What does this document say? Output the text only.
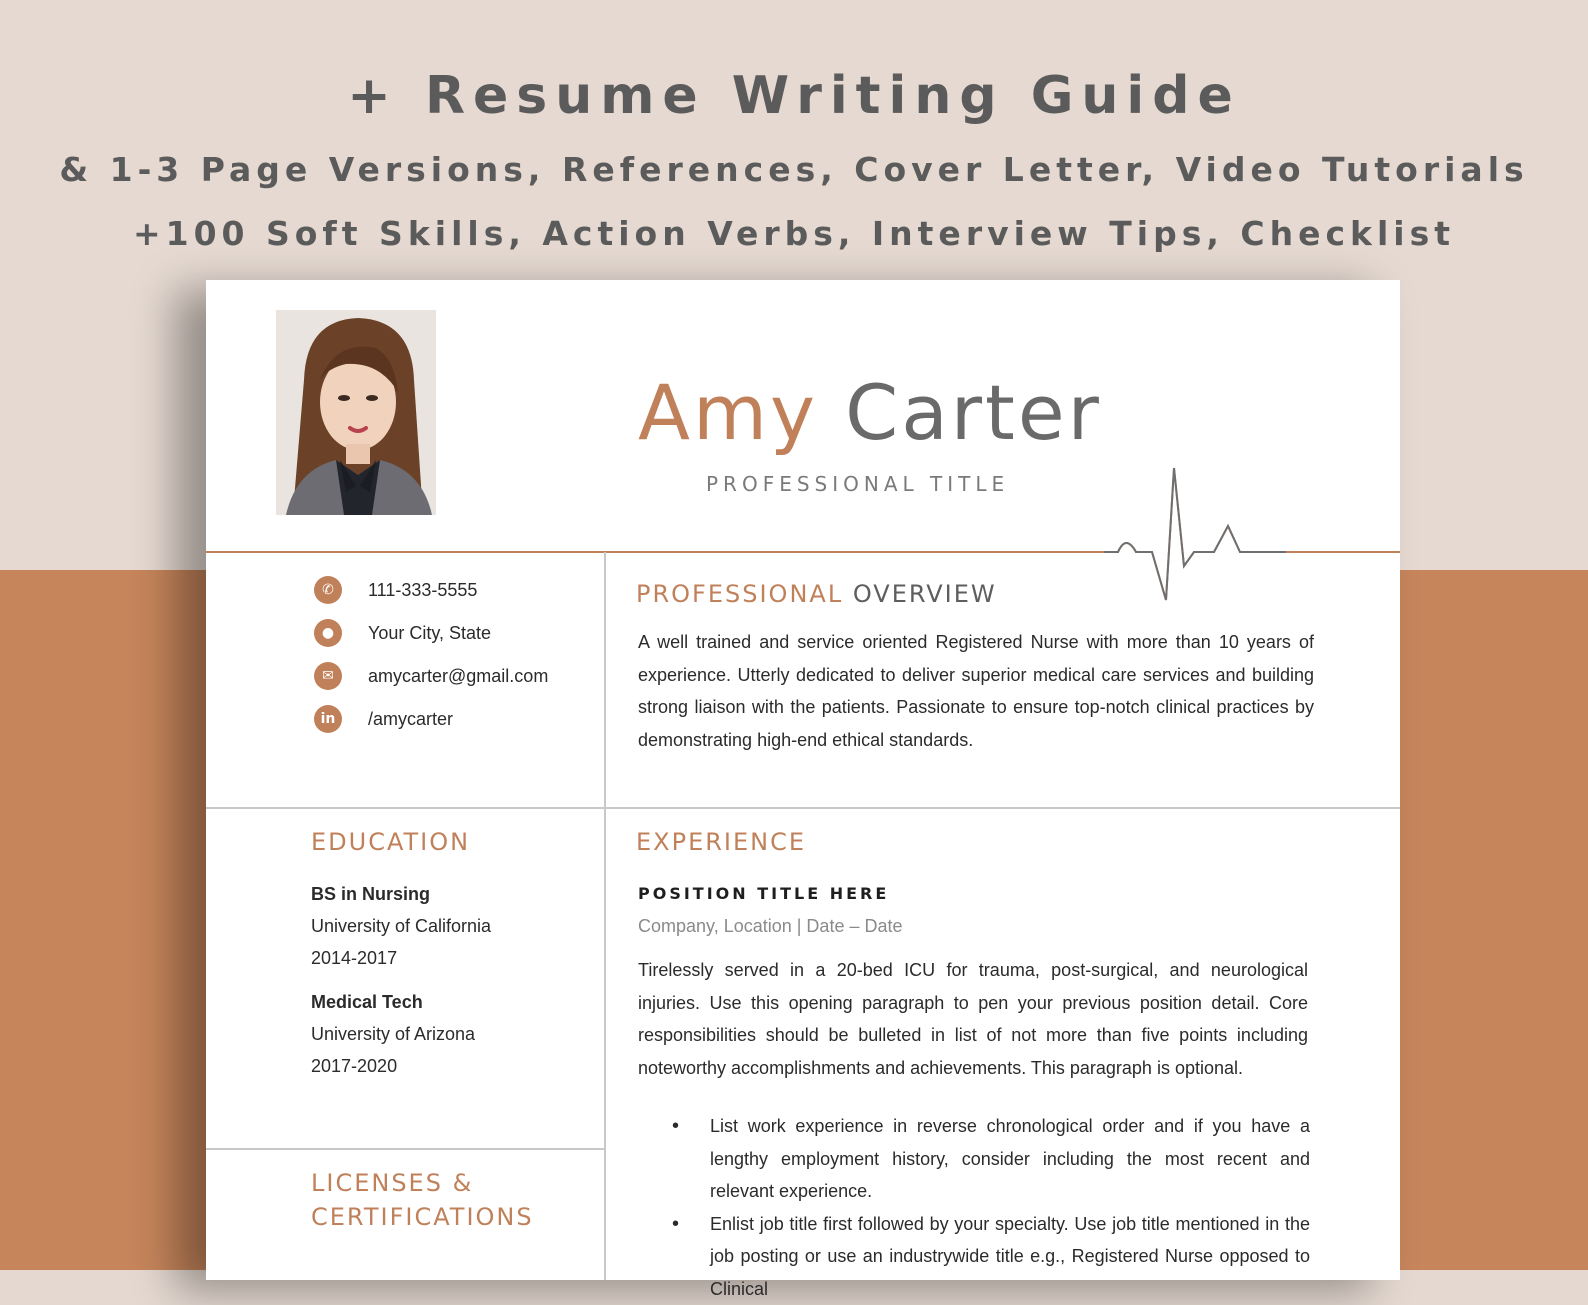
+ Resume Writing Guide
& 1-3 Page Versions, References, Cover Letter, Video Tutorials
+100 Soft Skills, Action Verbs, Interview Tips, Checklist
Amy Carter
PROFESSIONAL TITLE
✆	111-333-5555
●	Your City, State
✉	amycarter@gmail.com
in	/amycarter
PROFESSIONAL OVERVIEW
A well trained and service oriented Registered Nurse with more than 10 years of experience. Utterly dedicated to deliver superior medical care services and building strong liaison with the patients. Passionate to ensure top-notch clinical practices by demonstrating high-end ethical standards.
EDUCATION
BS in Nursing
University of California
2014-2017
Medical Tech
University of Arizona
2017-2020
LICENSES &
CERTIFICATIONS
EXPERIENCE
POSITION TITLE HERE
Company, Location | Date – Date
Tirelessly served in a 20-bed ICU for trauma, post-surgical, and neurological injuries. Use this opening paragraph to pen your previous position detail. Core responsibilities should be bulleted in list of not more than five points including noteworthy accomplishments and achievements. This paragraph is optional.
• List work experience in reverse chronological order and if you have a lengthy employment history, consider including the most recent and relevant experience.
• Enlist job title first followed by your specialty. Use job title mentioned in the job posting or use an industrywide title e.g., Registered Nurse opposed to Clinical
